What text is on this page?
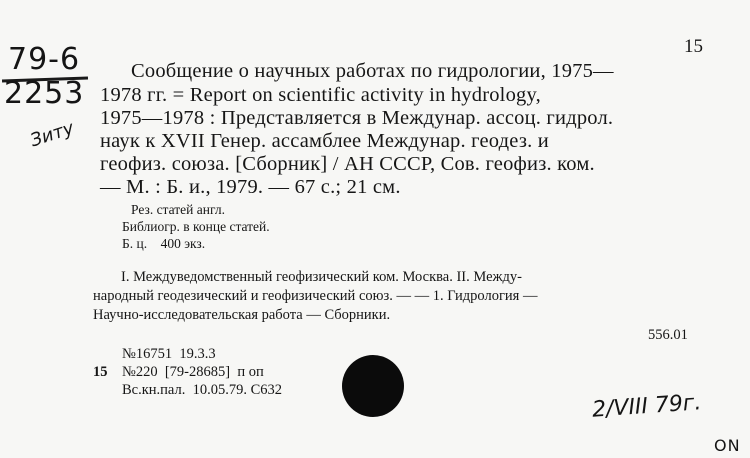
79-6
2253
Зиту
15
Сообщение о научных работах по гидрологии, 1975—
1978 гг. = Report on scientific activity in hydrology,
1975—1978 : Представляется в Междунар. ассоц. гидрол.
наук к XVII Генер. ассамблее Междунар. геодез. и
геофиз. союза. [Сборник] / АН СССР, Сов. геофиз. ком.
— М. : Б. и., 1979. — 67 с.; 21 см.
Рез. статей англ.
Библиогр. в конце статей.
Б. ц.    400 экз.
I. Междуведомственный геофизический ком. Москва. II. Между-
народный геодезический и геофизический союз. — — 1. Гидрология —
Научно-исследовательская работа — Сборники.
556.01
№16751  19.3.3
15 №220  [79-28685]  п оп
Вс.кн.пал.  10.05.79. С632
2/VIII 79г.
ON
